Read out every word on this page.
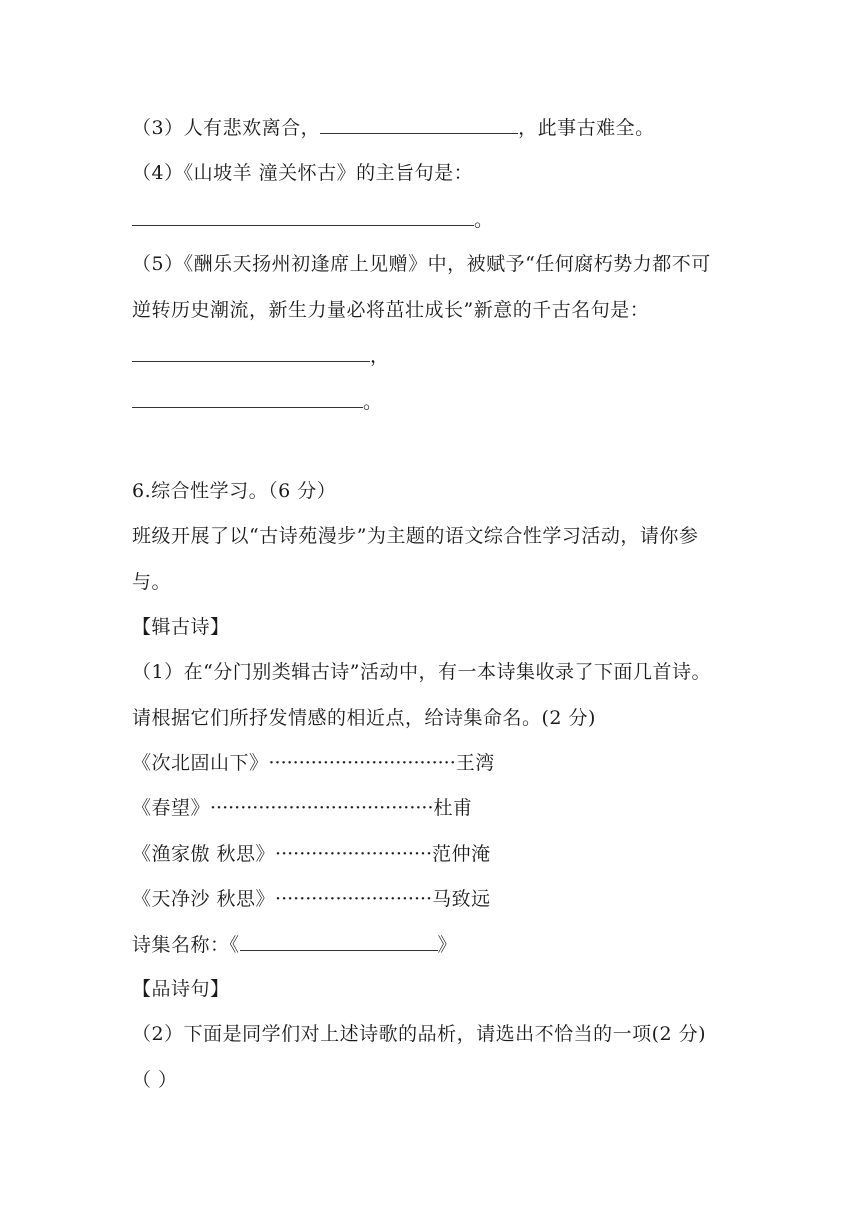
（3）人有悲欢离合，	，此事古难全。
（4）《山坡羊 潼关怀古》的主旨句是：
。
（5）《酬乐天扬州初逢席上见赠》中，被赋予“任何腐朽势力都不可
逆转历史潮流，新生力量必将茁壮成长”新意的千古名句是：
，
。
6.综合性学习。（6 分）
班级开展了以“古诗苑漫步”为主题的语文综合性学习活动，请你参
与。
【辑古诗】
（1）在“分门别类辑古诗”活动中，有一本诗集收录了下面几首诗。
请根据它们所抒发情感的相近点，给诗集命名。(2 分)
《次北固山下》·······························王湾
《春望》·····································杜甫
《渔家傲 秋思》··························范仲淹
《天净沙 秋思》··························马致远
诗集名称：《	》
【品诗句】
（2）下面是同学们对上述诗歌的品析，请选出不恰当的一项(2 分)
（ ）
